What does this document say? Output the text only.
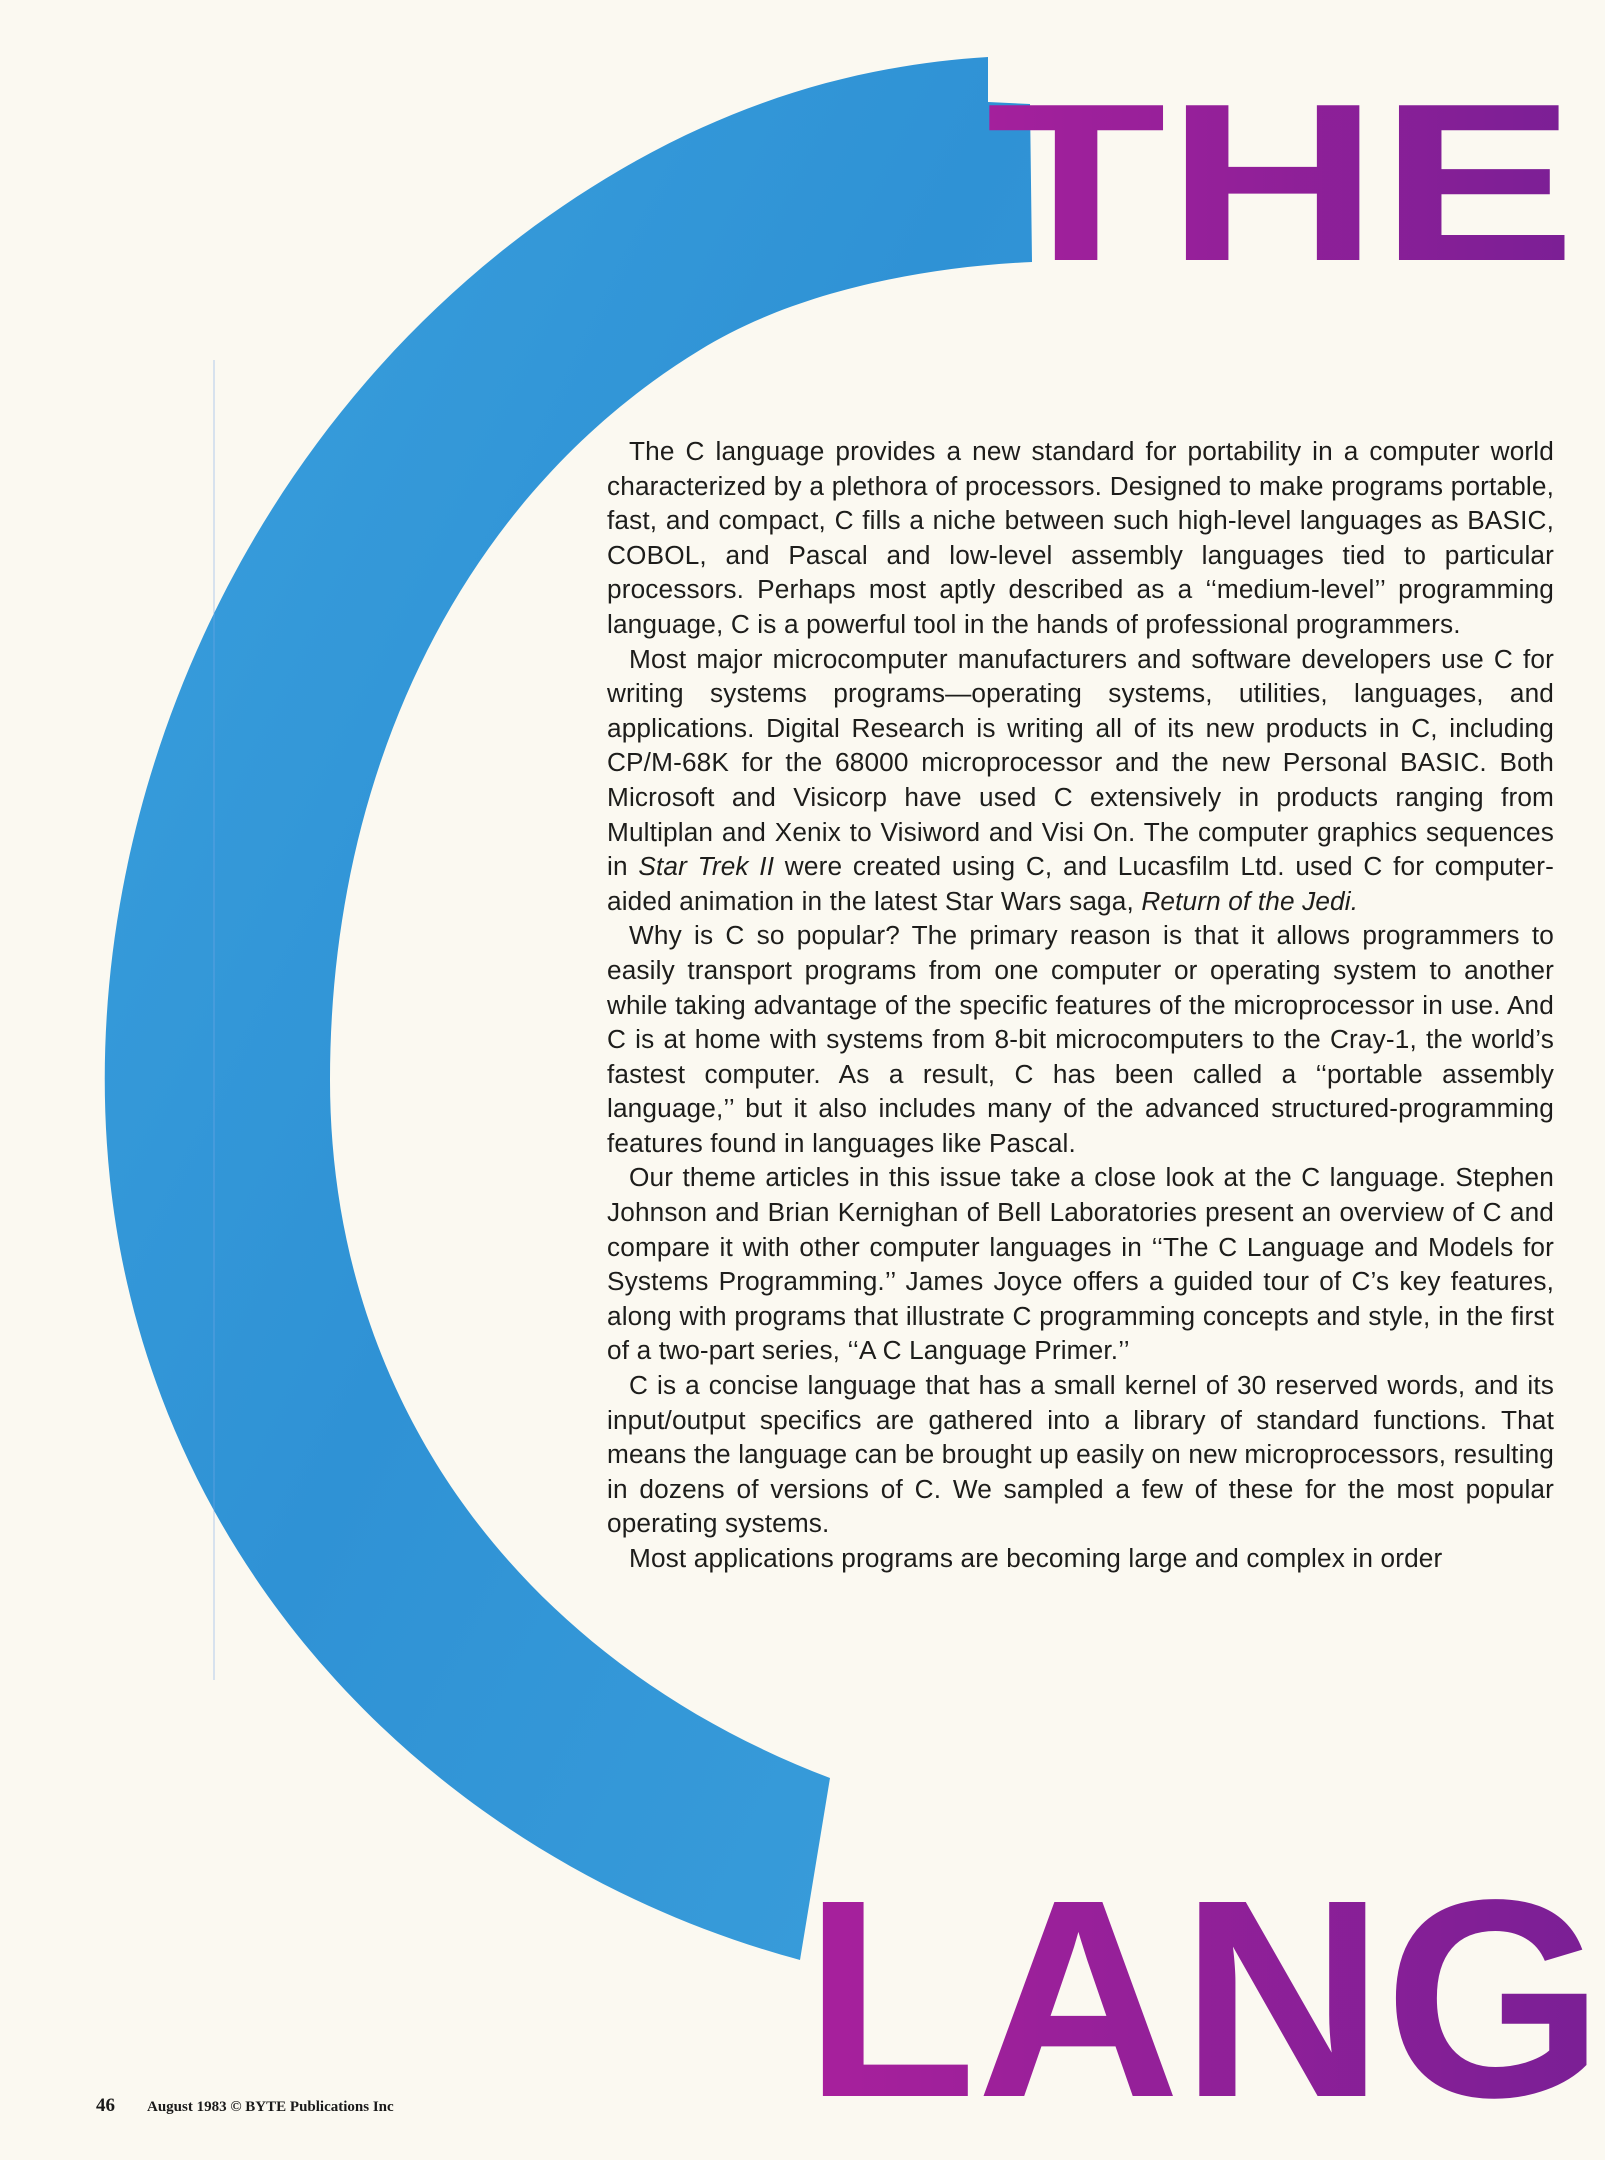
THE
LANG

The C language provides a new standard for portability in a computer world characterized by a plethora of processors. Designed to make programs portable, fast, and compact, C fills a niche between such high-level languages as BASIC, COBOL, and Pascal and low-level assembly languages tied to particular processors. Perhaps most aptly described as a ‘‘medium-level’’ programming language, C is a powerful tool in the hands of professional programmers.

Most major microcomputer manufacturers and software developers use C for writing systems programs—operating systems, utilities, languages, and applications. Digital Research is writing all of its new products in C, including CP/M-68K for the 68000 microprocessor and the new Personal BASIC. Both Microsoft and Visicorp have used C extensively in products ranging from Multiplan and Xenix to Visiword and Visi On. The computer graphics sequences in Star Trek II were created using C, and Lucasfilm Ltd. used C for computer-aided animation in the latest Star Wars saga, Return of the Jedi.

Why is C so popular? The primary reason is that it allows programmers to easily transport programs from one computer or operating system to another while taking advantage of the specific features of the microprocessor in use. And C is at home with systems from 8-bit microcomputers to the Cray-1, the world’s fastest computer. As a result, C has been called a ‘‘portable assembly language,’’ but it also includes many of the advanced structured-programming features found in languages like Pascal.

Our theme articles in this issue take a close look at the C language. Stephen Johnson and Brian Kernighan of Bell Laboratories present an overview of C and compare it with other computer languages in ‘‘The C Language and Models for Systems Programming.’’ James Joyce offers a guided tour of C’s key features, along with programs that illustrate C programming concepts and style, in the first of a two-part series, ‘‘A C Language Primer.’’

C is a concise language that has a small kernel of 30 reserved words, and its input/output specifics are gathered into a library of standard functions. That means the language can be brought up easily on new microprocessors, resulting in dozens of versions of C. We sampled a few of these for the most popular operating systems.

Most applications programs are becoming large and complex in order

46 August 1983 © BYTE Publications Inc
